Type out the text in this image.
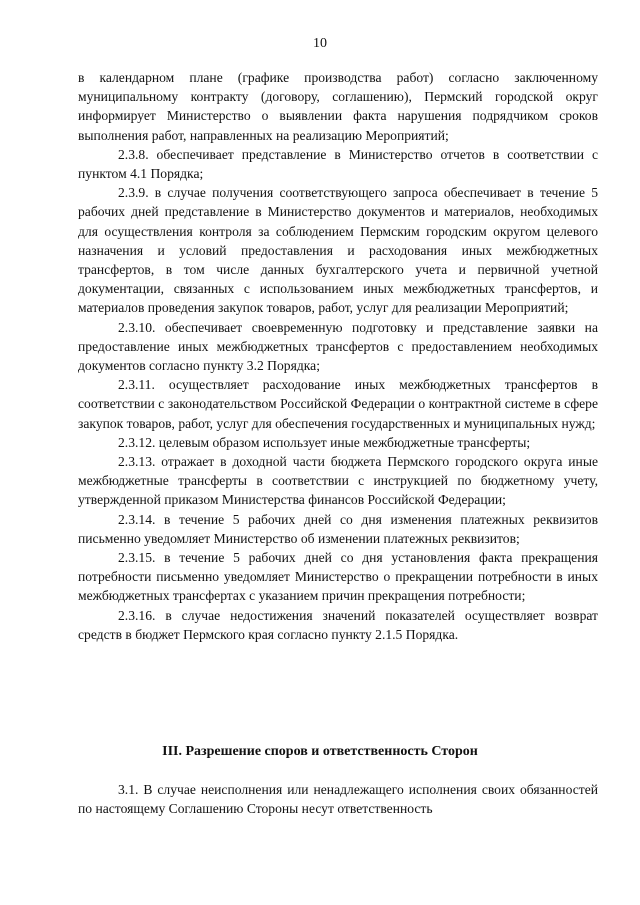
10

в календарном плане (графике производства работ) согласно заключенному муниципальному контракту (договору, соглашению), Пермский городской округ информирует Министерство о выявлении факта нарушения подрядчиком сроков выполнения работ, направленных на реализацию Мероприятий;

2.3.8. обеспечивает представление в Министерство отчетов в соответствии с пунктом 4.1 Порядка;

2.3.9. в случае получения соответствующего запроса обеспечивает в течение 5 рабочих дней представление в Министерство документов и материалов, необходимых для осуществления контроля за соблюдением Пермским городским округом целевого назначения и условий предоставления и расходования иных межбюджетных трансфертов, в том числе данных бухгалтерского учета и первичной учетной документации, связанных с использованием иных межбюджетных трансфертов, и материалов проведения закупок товаров, работ, услуг для реализации Мероприятий;

2.3.10. обеспечивает своевременную подготовку и представление заявки на предоставление иных межбюджетных трансфертов с предоставлением необходимых документов согласно пункту 3.2 Порядка;

2.3.11. осуществляет расходование иных межбюджетных трансфертов в соответствии с законодательством Российской Федерации о контрактной системе в сфере закупок товаров, работ, услуг для обеспечения государственных и муниципальных нужд;

2.3.12. целевым образом использует иные межбюджетные трансферты;

2.3.13. отражает в доходной части бюджета Пермского городского округа иные межбюджетные трансферты в соответствии с инструкцией по бюджетному учету, утвержденной приказом Министерства финансов Российской Федерации;

2.3.14. в течение 5 рабочих дней со дня изменения платежных реквизитов письменно уведомляет Министерство об изменении платежных реквизитов;

2.3.15. в течение 5 рабочих дней со дня установления факта прекращения потребности письменно уведомляет Министерство о прекращении потребности в иных межбюджетных трансфертах с указанием причин прекращения потребности;

2.3.16. в случае недостижения значений показателей осуществляет возврат средств в бюджет Пермского края согласно пункту 2.1.5 Порядка.

III. Разрешение споров и ответственность Сторон

3.1. В случае неисполнения или ненадлежащего исполнения своих обязанностей по настоящему Соглашению Стороны несут ответственность
